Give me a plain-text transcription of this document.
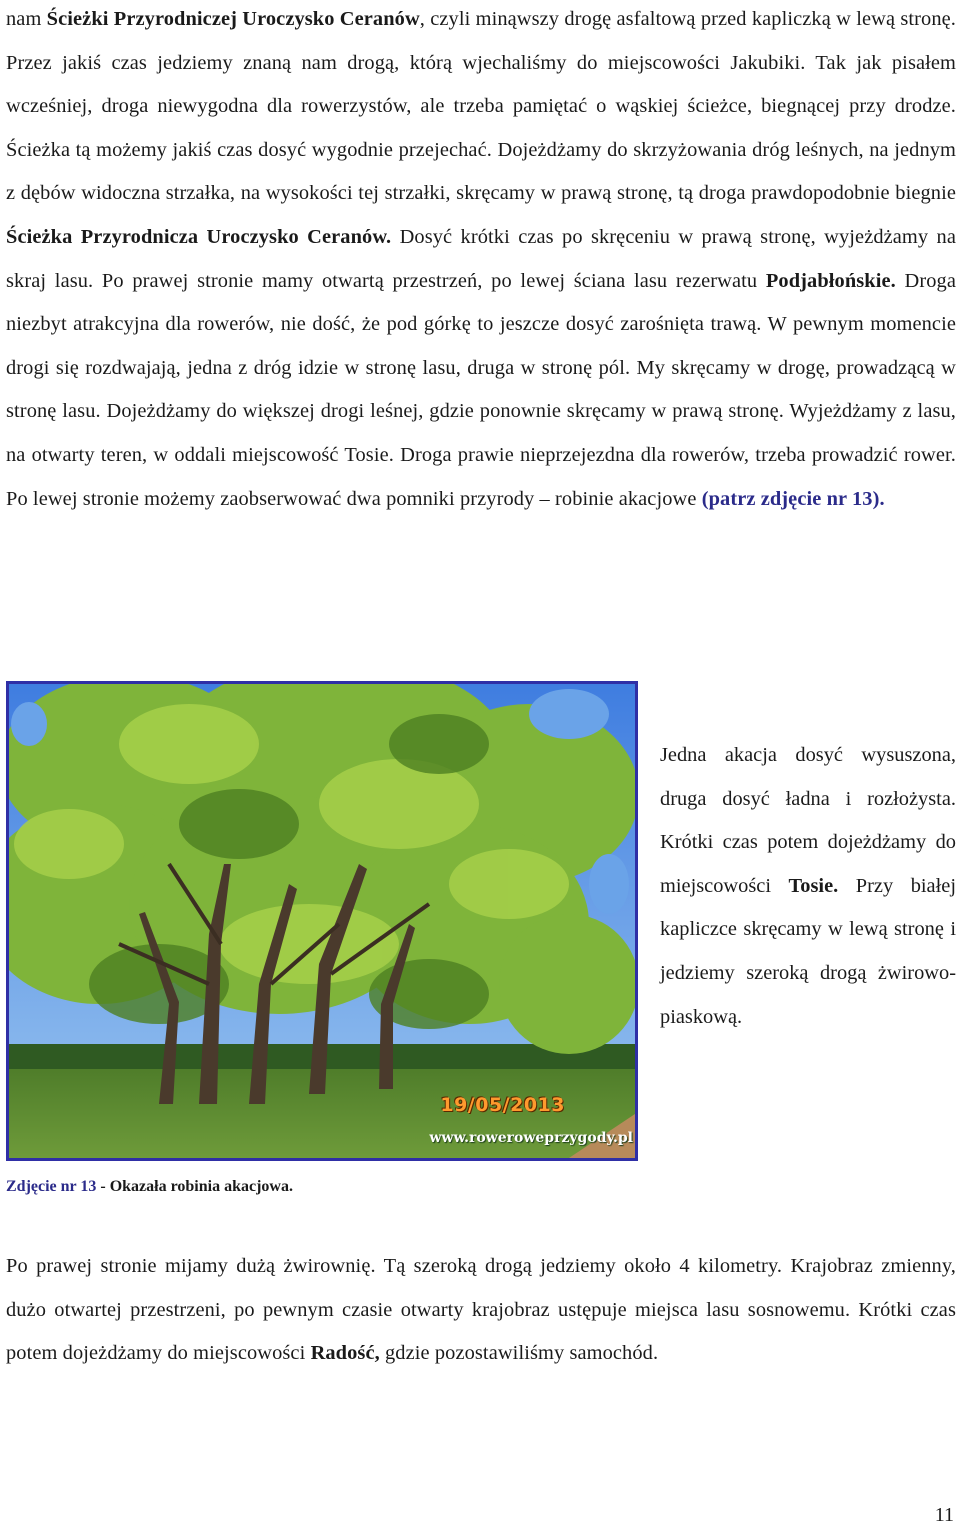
nam Ścieżki Przyrodniczej Uroczysko Ceranów, czyli minąwszy drogę asfaltową przed kapliczką w lewą stronę. Przez jakiś czas jedziemy znaną nam drogą, którą wjechaliśmy do miejscowości Jakubiki. Tak jak pisałem wcześniej, droga niewygodna dla rowerzystów, ale trzeba pamiętać o wąskiej ścieżce, biegnącej przy drodze. Ścieżka tą możemy jakiś czas dosyć wygodnie przejechać. Dojeżdżamy do skrzyżowania dróg leśnych, na jednym z dębów widoczna strzałka, na wysokości tej strzałki, skręcamy w prawą stronę, tą droga prawdopodobnie biegnie Ścieżka Przyrodnicza Uroczysko Ceranów. Dosyć krótki czas po skręceniu w prawą stronę, wyjeżdżamy na skraj lasu. Po prawej stronie mamy otwartą przestrzeń, po lewej ściana lasu rezerwatu Podjabłońskie. Droga niezbyt atrakcyjna dla rowerów, nie dość, że pod górkę to jeszcze dosyć zarośnięta trawą. W pewnym momencie drogi się rozdwajają, jedna z dróg idzie w stronę lasu, druga w stronę pól. My skręcamy w drogę, prowadzącą w stronę lasu. Dojeżdżamy do większej drogi leśnej, gdzie ponownie skręcamy w prawą stronę. Wyjeżdżamy z lasu, na otwarty teren, w oddali miejscowość Tosie. Droga prawie nieprzejezdna dla rowerów, trzeba prowadzić rower. Po lewej stronie możemy zaobserwować dwa pomniki przyrody – robinie akacjowe (patrz zdjęcie nr 13).

19/05/2013
www.roweroweprzygody.pl

Jedna akacja dosyć wysuszona, druga dosyć ładna i rozłożysta. Krótki czas potem dojeżdżamy do miejscowości Tosie. Przy białej kapliczce skręcamy w lewą stronę i jedziemy szeroką drogą żwirowo-piaskową.

Zdjęcie nr 13 - Okazała robinia akacjowa.

Po prawej stronie mijamy dużą żwirownię. Tą szeroką drogą jedziemy około 4 kilometry. Krajobraz zmienny, dużo otwartej przestrzeni, po pewnym czasie otwarty krajobraz ustępuje miejsca lasu sosnowemu. Krótki czas potem dojeżdżamy do miejscowości Radość, gdzie pozostawiliśmy samochód.

11
